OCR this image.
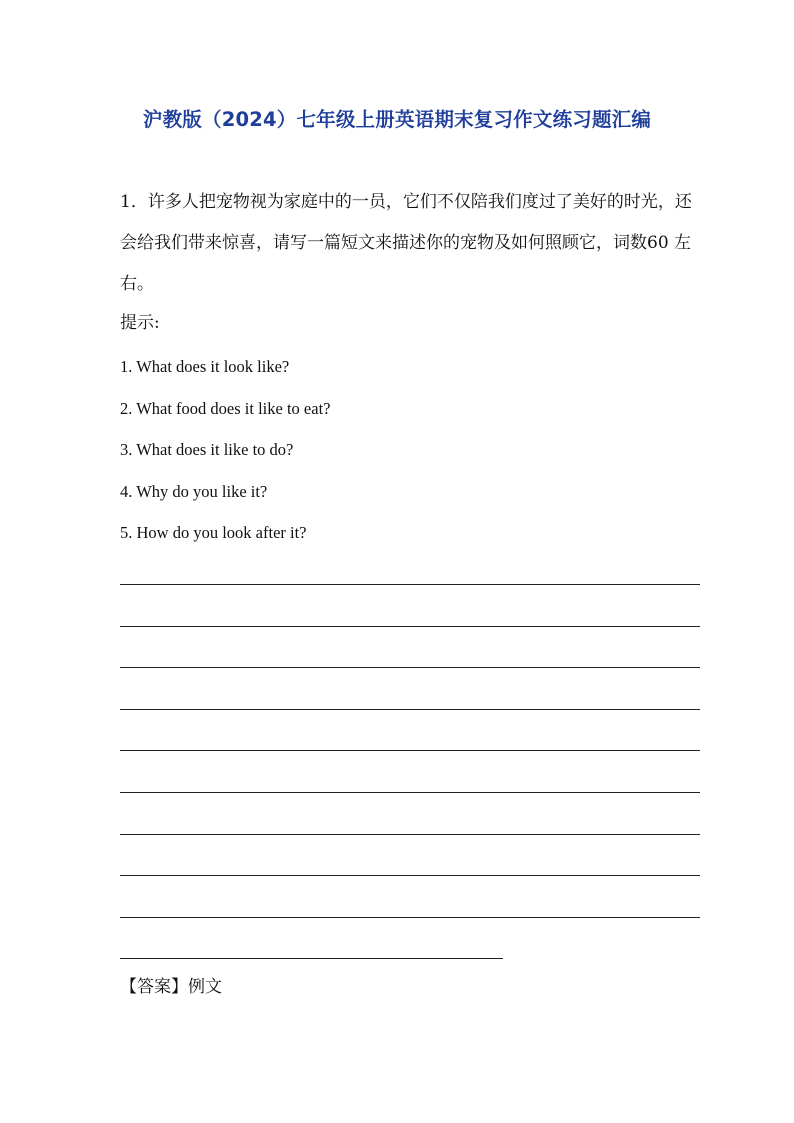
沪教版（2024）七年级上册英语期末复习作文练习题汇编

1．许多人把宠物视为家庭中的一员，它们不仅陪我们度过了美好的时光，还会给我们带来惊喜，请写一篇短文来描述你的宠物及如何照顾它，词数60 左右。

提示:

1. What does it look like?
2. What food does it like to eat?
3. What does it like to do?
4. Why do you like it?
5. How do you look after it?

【答案】例文
